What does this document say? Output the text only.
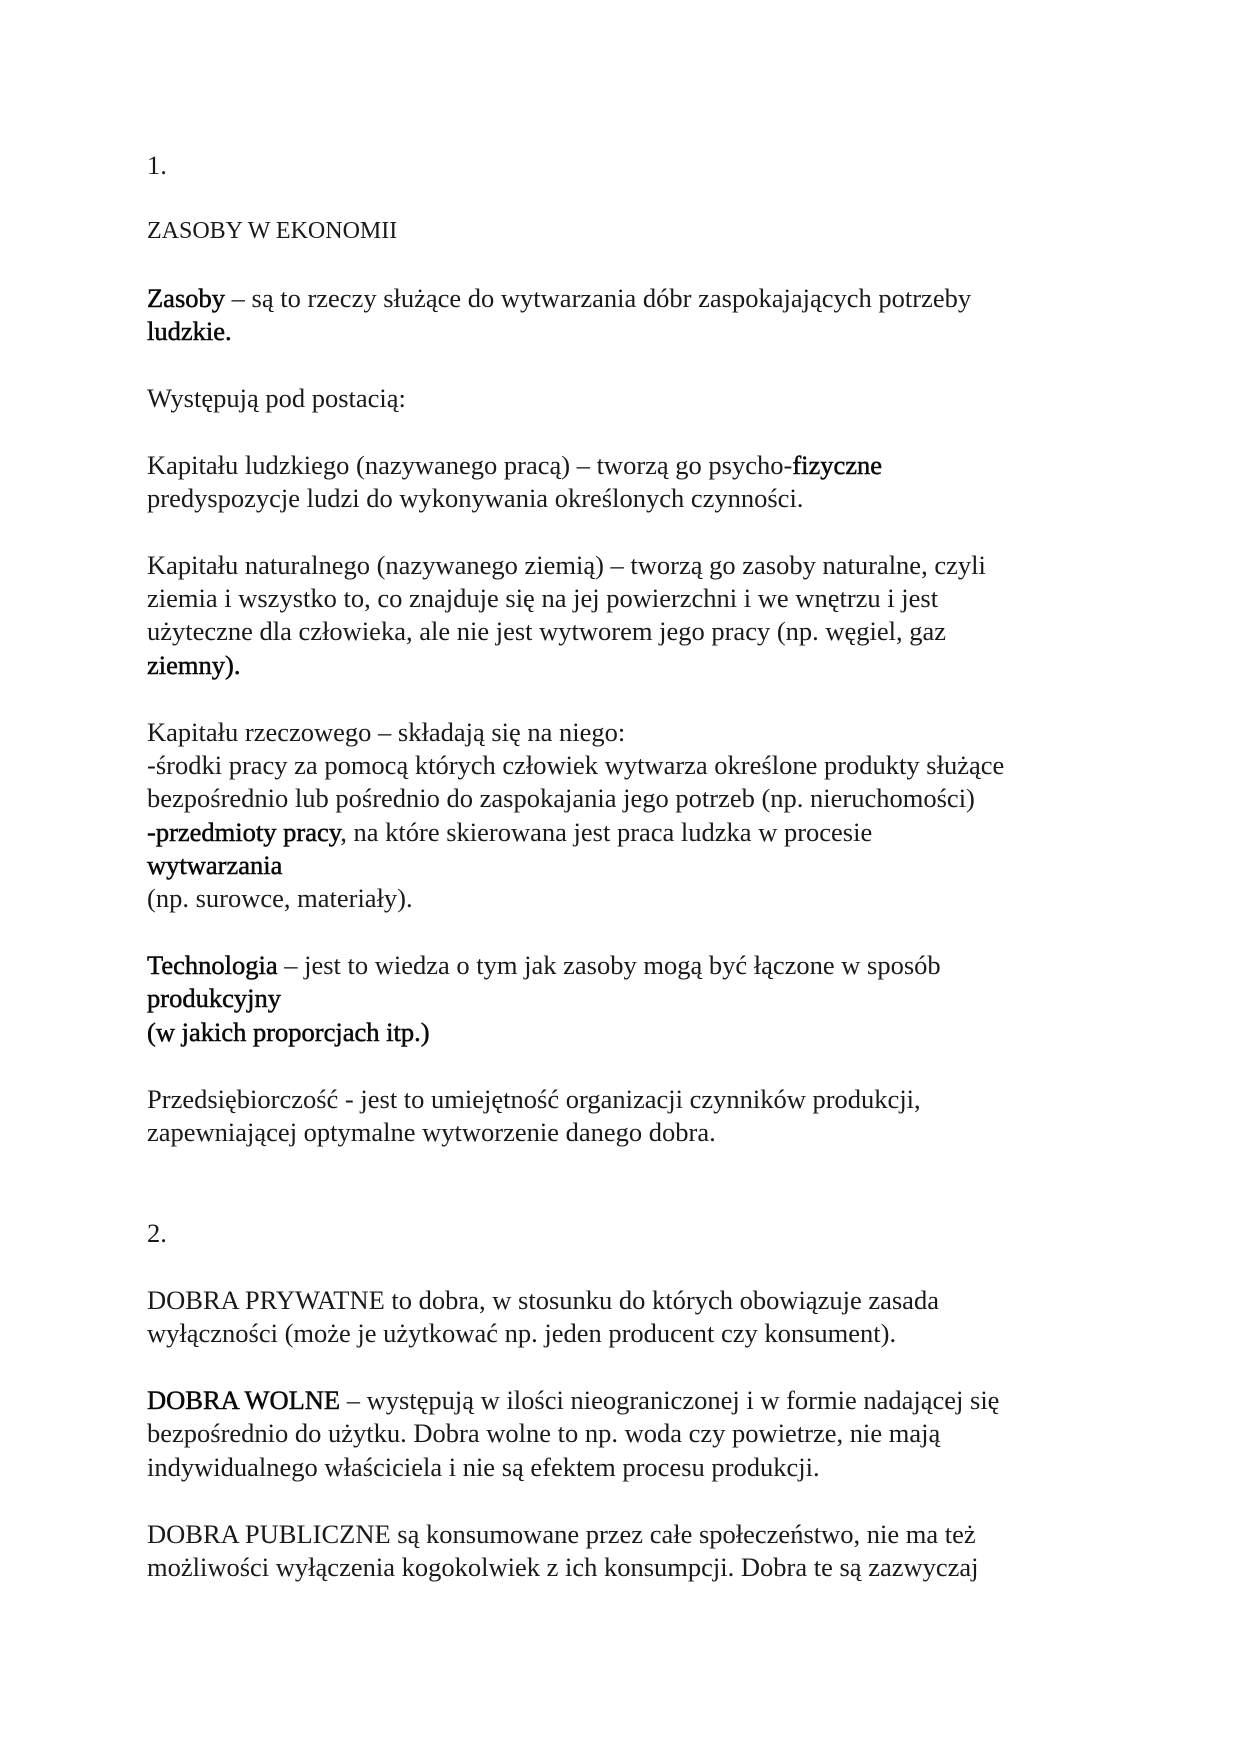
1.
ZASOBY W EKONOMII
Zasoby – są to rzeczy służące do wytwarzania dóbr zaspokajających potrzeby
ludzkie.
Występują pod postacią:
Kapitału ludzkiego (nazywanego pracą) – tworzą go psycho-fizyczne
predyspozycje ludzi do wykonywania określonych czynności.
Kapitału naturalnego (nazywanego ziemią) – tworzą go zasoby naturalne, czyli
ziemia i wszystko to, co znajduje się na jej powierzchni i we wnętrzu i jest
użyteczne dla człowieka, ale nie jest wytworem jego pracy (np. węgiel, gaz
ziemny).
Kapitału rzeczowego – składają się na niego:
-środki pracy za pomocą których człowiek wytwarza określone produkty służące
bezpośrednio lub pośrednio do zaspokajania jego potrzeb (np. nieruchomości)
-przedmioty pracy, na które skierowana jest praca ludzka w procesie
wytwarzania
(np. surowce, materiały).
Technologia – jest to wiedza o tym jak zasoby mogą być łączone w sposób
produkcyjny
(w jakich proporcjach itp.)
Przedsiębiorczość - jest to umiejętność organizacji czynników produkcji,
zapewniającej optymalne wytworzenie danego dobra.
2.
DOBRA PRYWATNE to dobra, w stosunku do których obowiązuje zasada
wyłączności (może je użytkować np. jeden producent czy konsument).
DOBRA WOLNE – występują w ilości nieograniczonej i w formie nadającej się
bezpośrednio do użytku. Dobra wolne to np. woda czy powietrze, nie mają
indywidualnego właściciela i nie są efektem procesu produkcji.
DOBRA PUBLICZNE są konsumowane przez całe społeczeństwo, nie ma też
możliwości wyłączenia kogokolwiek z ich konsumpcji. Dobra te są zazwyczaj
